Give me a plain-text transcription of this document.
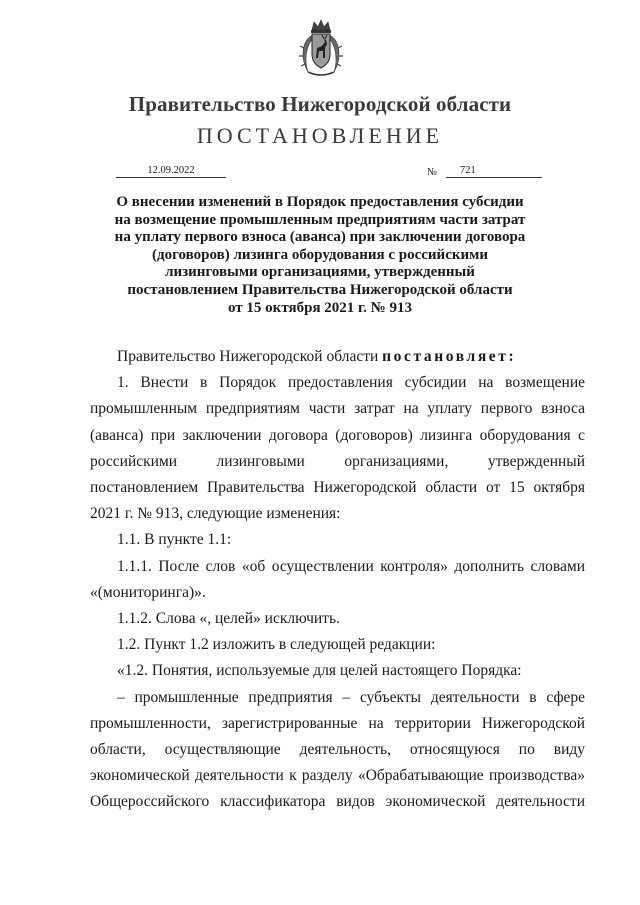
Правительство Нижегородской области
ПОСТАНОВЛЕНИЕ
12.09.2022	№	721
О внесении изменений в Порядок предоставления субсидии
на возмещение промышленным предприятиям части затрат
на уплату первого взноса (аванса) при заключении договора
(договоров) лизинга оборудования с российскими
лизинговыми организациями, утвержденный
постановлением Правительства Нижегородской области
от 15 октября 2021 г. № 913
Правительство Нижегородской области постановляет:
1. Внести в Порядок предоставления субсидии на возмещение промышленным предприятиям части затрат на уплату первого взноса (аванса) при заключении договора (договоров) лизинга оборудования с российскими лизинговыми организациями, утвержденный постановлением Правительства Нижегородской области от 15 октября 2021 г. № 913, следующие изменения:
1.1. В пункте 1.1:
1.1.1. После слов «об осуществлении контроля» дополнить словами «(мониторинга)».
1.1.2. Слова «, целей» исключить.
1.2. Пункт 1.2 изложить в следующей редакции:
«1.2. Понятия, используемые для целей настоящего Порядка:
– промышленные предприятия – субъекты деятельности в сфере промышленности, зарегистрированные на территории Нижегородской области, осуществляющие деятельность, относящуюся по виду экономической деятельности к разделу «Обрабатывающие производства» Общероссийского классификатора видов экономической деятельности
